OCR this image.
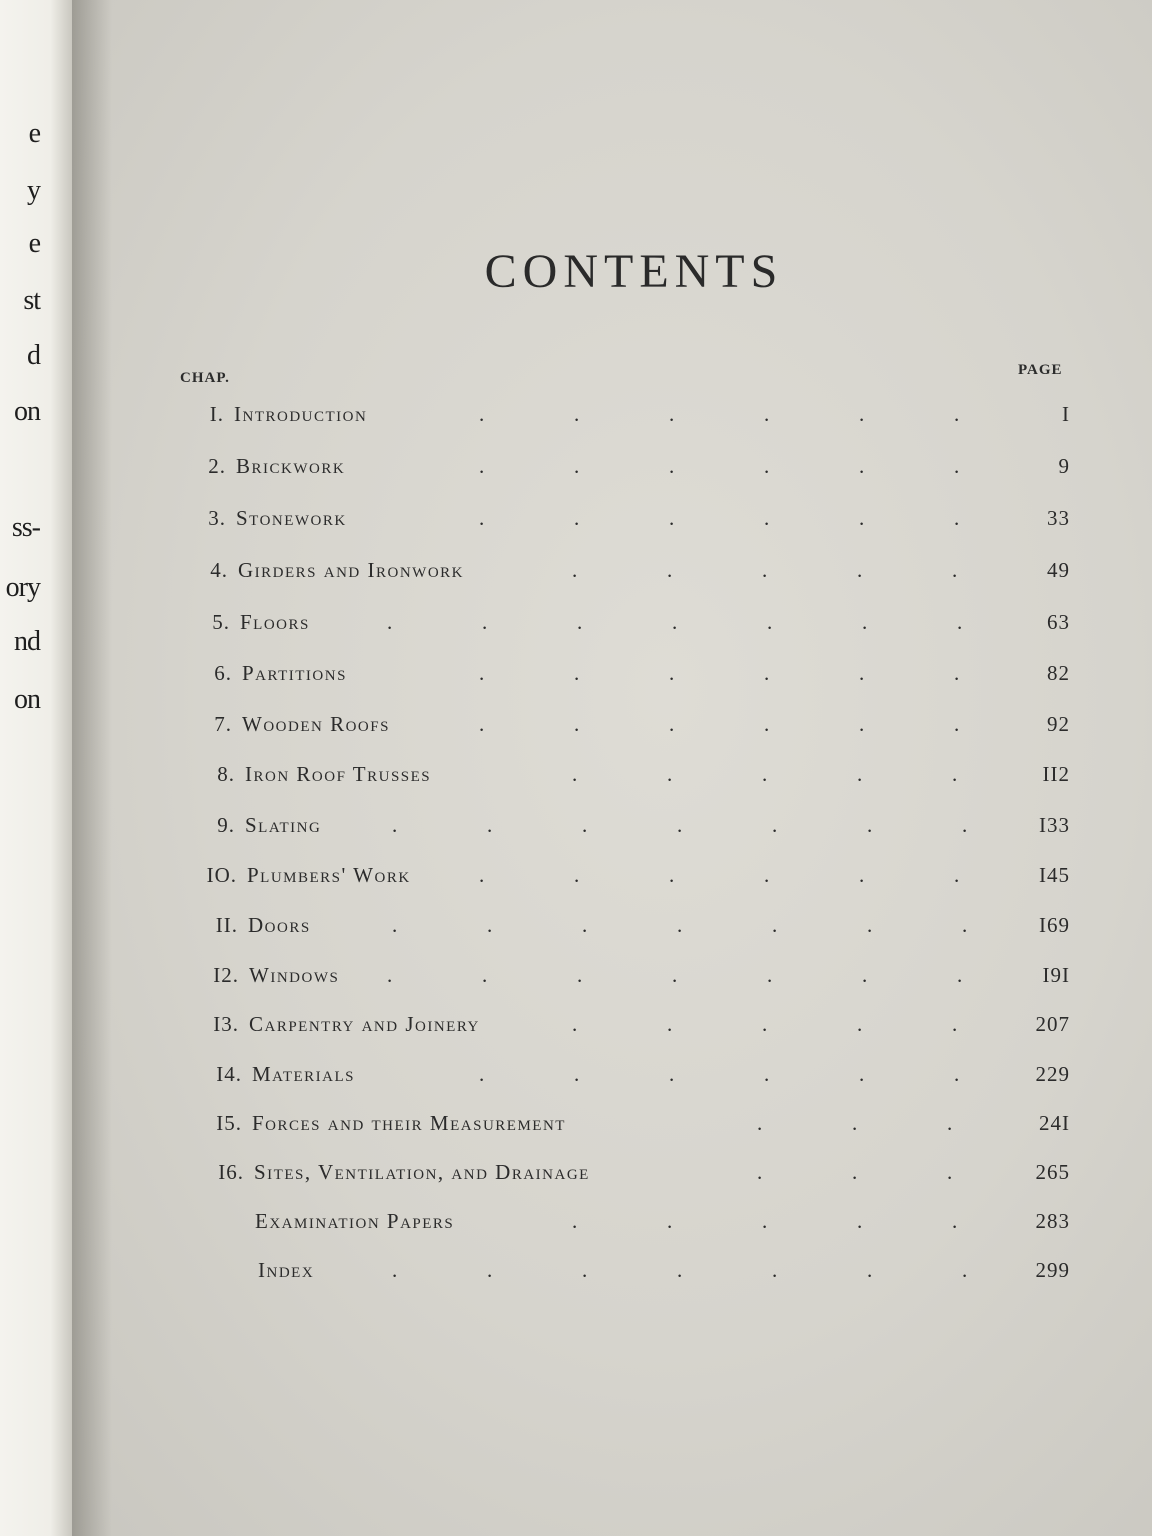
e
y
e
st
d
on
ss-
ory
nd
on
CONTENTS
CHAP.	PAGE
I. Introduction	.	.	.	.	.	.	I
2. Brickwork	.	.	.	.	.	.	9
3. Stonework	.	.	.	.	.	.	33
4. Girders and Ironwork	.	.	.	.	.	49
5. Floors	.	.	.	.	.	.	.	63
6. Partitions	.	.	.	.	.	.	82
7. Wooden Roofs	.	.	.	.	.	.	92
8. Iron Roof Trusses	.	.	.	.	.	II2
9. Slating	.	.	.	.	.	.	.	I33
IO. Plumbers' Work	.	.	.	.	.	.	I45
II. Doors	.	.	.	.	.	.	.	I69
I2. Windows .	.	.	.	.	.	.	I9I
I3. Carpentry and Joinery	.	.	.	.	.	207
I4. Materials	.	.	.	.	.	.	229
I5. Forces and their Measurement	.	.	.	24I
I6. Sites, Ventilation, and Drainage	.	.	.	265
Examination Papers	.	.	.	.	.	283
Index	.	.	.	.	.	.	.	299
